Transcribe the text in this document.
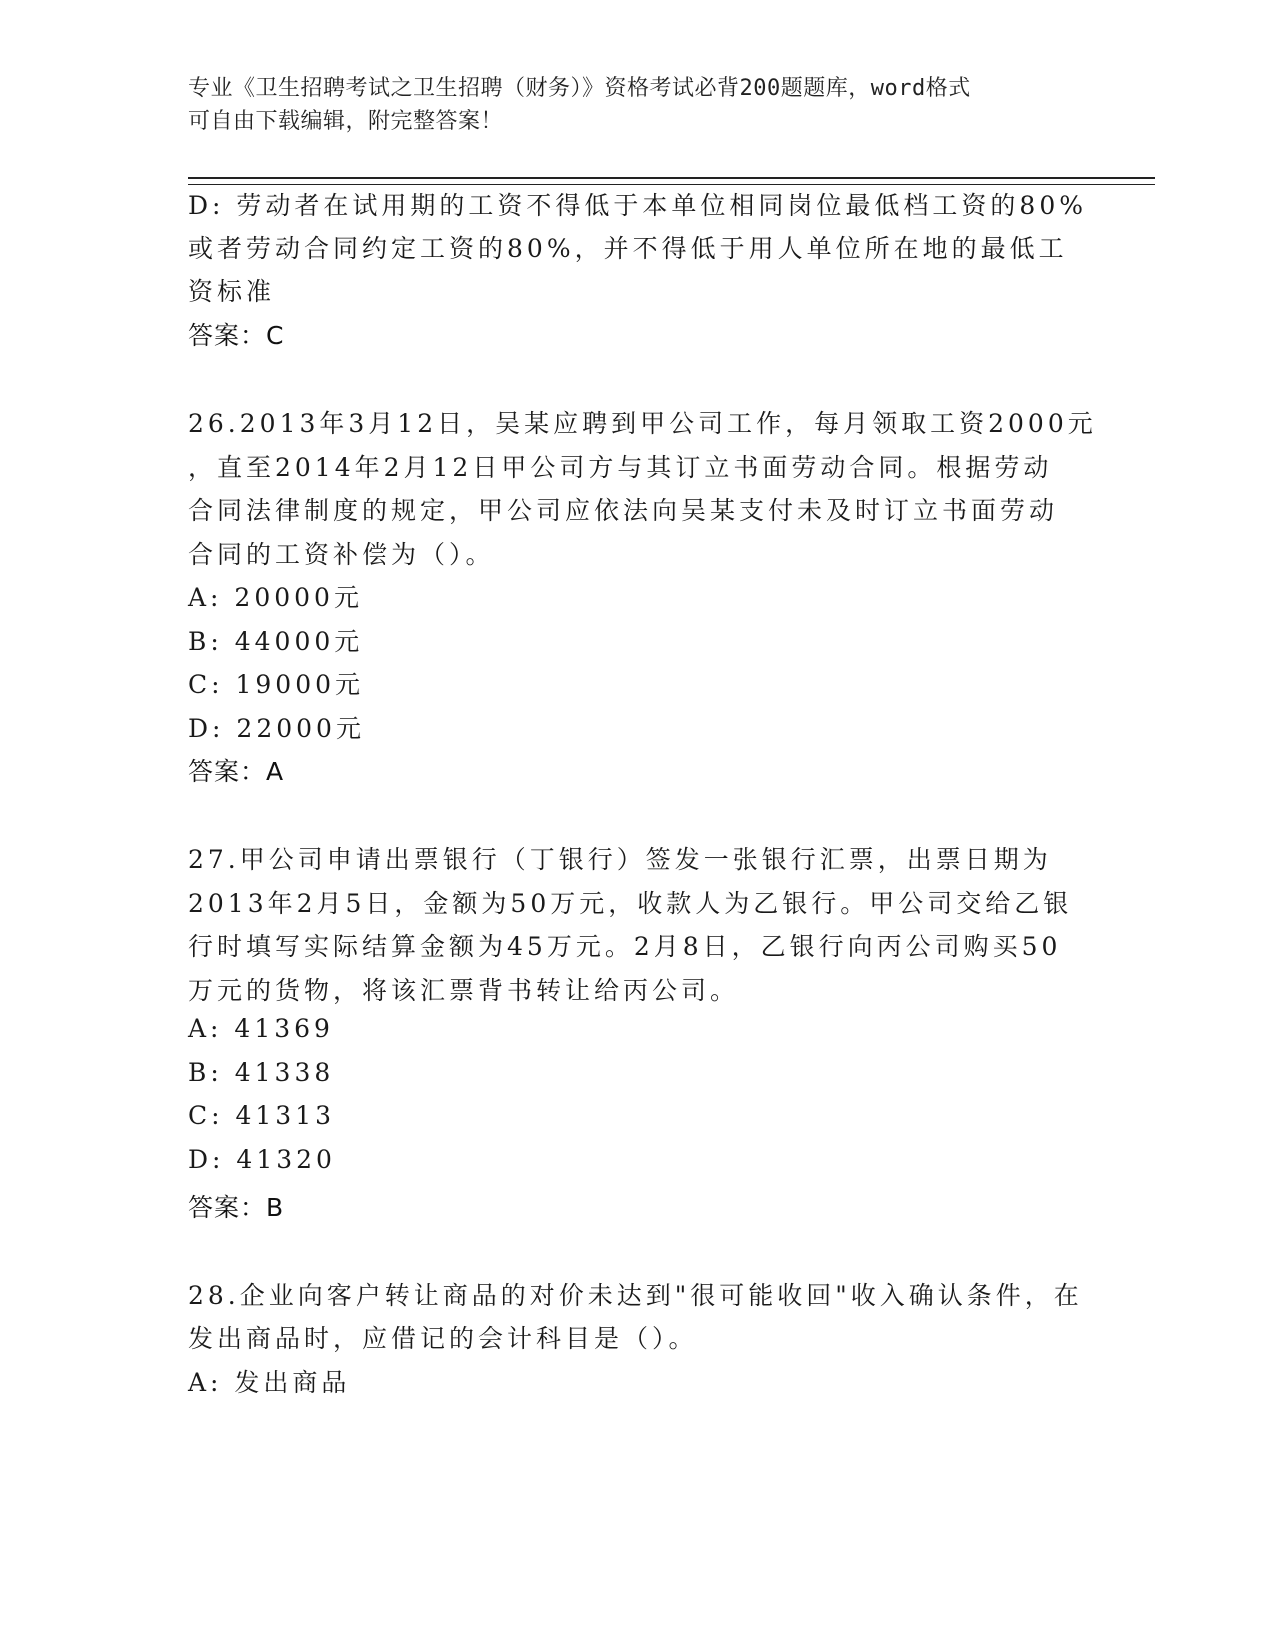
专业《卫生招聘考试之卫生招聘（财务）》资格考试必背200题题库，word格式
可自由下载编辑，附完整答案！
D: 劳动者在试用期的工资不得低于本单位相同岗位最低档工资的80%
或者劳动合同约定工资的80%，并不得低于用人单位所在地的最低工
资标准
答案：C
26.2013年3月12日，吴某应聘到甲公司工作，每月领取工资2000元
，直至2014年2月12日甲公司方与其订立书面劳动合同。根据劳动
合同法律制度的规定，甲公司应依法向吴某支付未及时订立书面劳动
合同的工资补偿为（）。
A: 20000元
B: 44000元
C: 19000元
D: 22000元
答案：A
27.甲公司申请出票银行（丁银行）签发一张银行汇票，出票日期为
2013年2月5日，金额为50万元，收款人为乙银行。甲公司交给乙银
行时填写实际结算金额为45万元。2月8日，乙银行向丙公司购买50
万元的货物，将该汇票背书转让给丙公司。
A: 41369
B: 41338
C: 41313
D: 41320
答案：B
28.企业向客户转让商品的对价未达到"很可能收回"收入确认条件，在
发出商品时，应借记的会计科目是（）。
A: 发出商品
